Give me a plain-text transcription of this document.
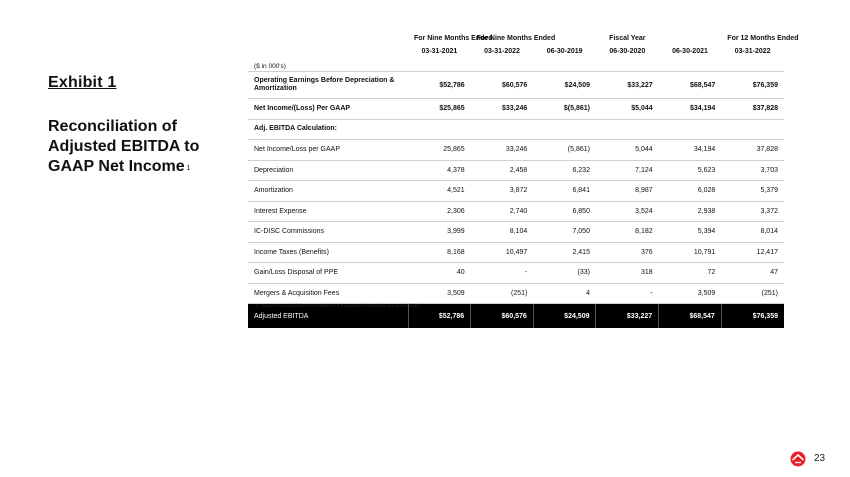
Exhibit 1
Reconciliation of
Adjusted EBITDA to
GAAP Net Income $^1$
	For Nine Months Ended	For Nine Months Ended	Fiscal Year			For 12 Months Ended
($ in 000's)	03-31-2021	03-31-2022	06-30-2019	06-30-2020	06-30-2021	03-31-2022
Operating Earnings Before Depreciation & Amortization	$52,786	$60,576	$24,509	$33,227	$68,547	$76,359
Net Income/(Loss) Per GAAP	$25,865	$33,246	$(5,861)	$5,044	$34,194	$37,828
Adj. EBITDA Calculation:						
Net Income/Loss per GAAP	25,865	33,246	(5,861)	5,044	34,194	37,828
Depreciation	4,378	2,458	6,232	7,124	5,623	3,703
Amortization	4,521	3,872	6,841	8,987	6,028	5,379
Interest Expense	2,306	2,740	6,850	3,524	2,938	3,372
IC-DISC Commissions	3,999	8,104	7,050	8,182	5,394	8,014
Income Taxes (Benefits)	8,168	10,497	2,415	376	10,791	12,417
Gain/Loss Disposal of PPE	40	-	(33)	318	72	47
Mergers & Acquisition Fees	3,509	(251)	4	-	3,509	(251)
Adjusted EBITDA	$52,786	$60,576	$24,509	$33,227	$68,547	$76,359
1. Mergers & Acquisition Fees related to the proposed transaction are not included.
23
